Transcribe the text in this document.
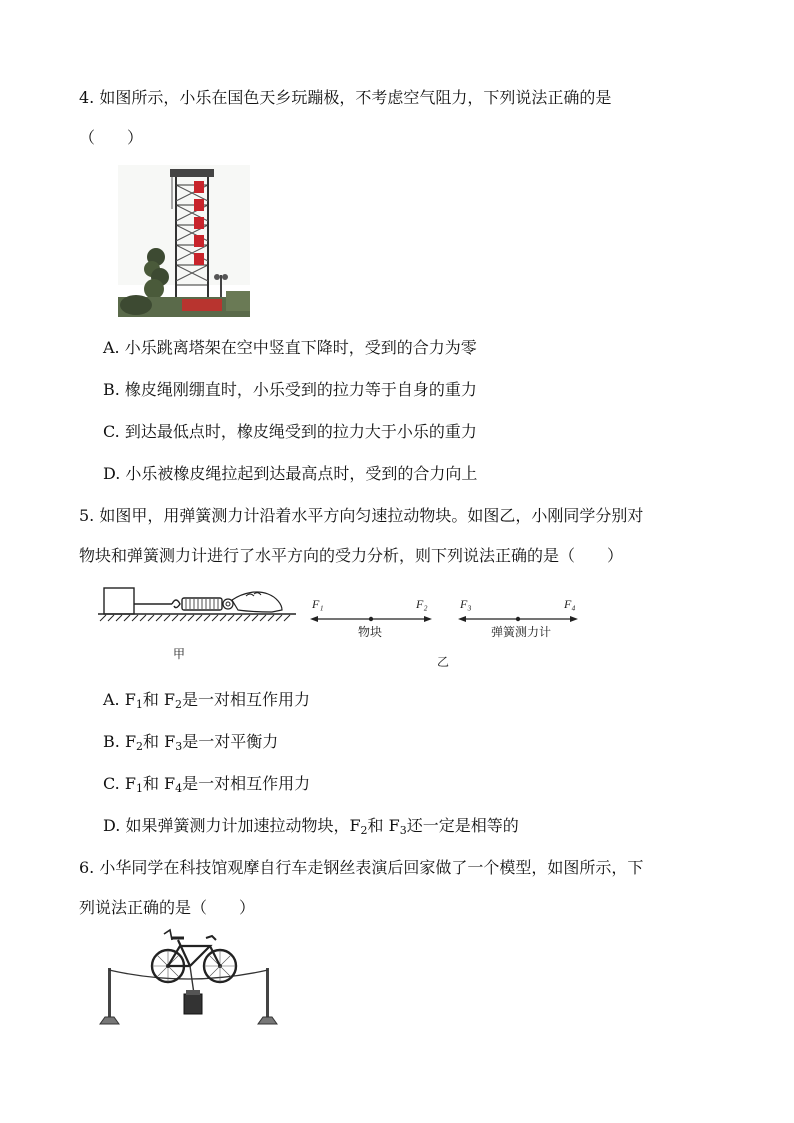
4. 如图所示，小乐在国色天乡玩蹦极，不考虑空气阻力，下列说法正确的是
（　　）
A. 小乐跳离塔架在空中竖直下降时，受到的合力为零
B. 橡皮绳刚绷直时，小乐受到的拉力等于自身的重力
C. 到达最低点时，橡皮绳受到的拉力大于小乐的重力
D. 小乐被橡皮绳拉起到达最高点时，受到的合力向上
5. 如图甲，用弹簧测力计沿着水平方向匀速拉动物块。如图乙，小刚同学分别对
物块和弹簧测力计进行了水平方向的受力分析，则下列说法正确的是（　　）
甲
F₁	F₂
物块
F₃	F₄
弹簧测力计
乙
A. $F_1$和 $F_2$是一对相互作用力
B. $F_2$和 $F_3$是一对平衡力
C. $F_1$和 $F_4$是一对相互作用力
D. 如果弹簧测力计加速拉动物块，$F_2$和 $F_3$还一定是相等的
6. 小华同学在科技馆观摩自行车走钢丝表演后回家做了一个模型，如图所示，下
列说法正确的是（　　）
